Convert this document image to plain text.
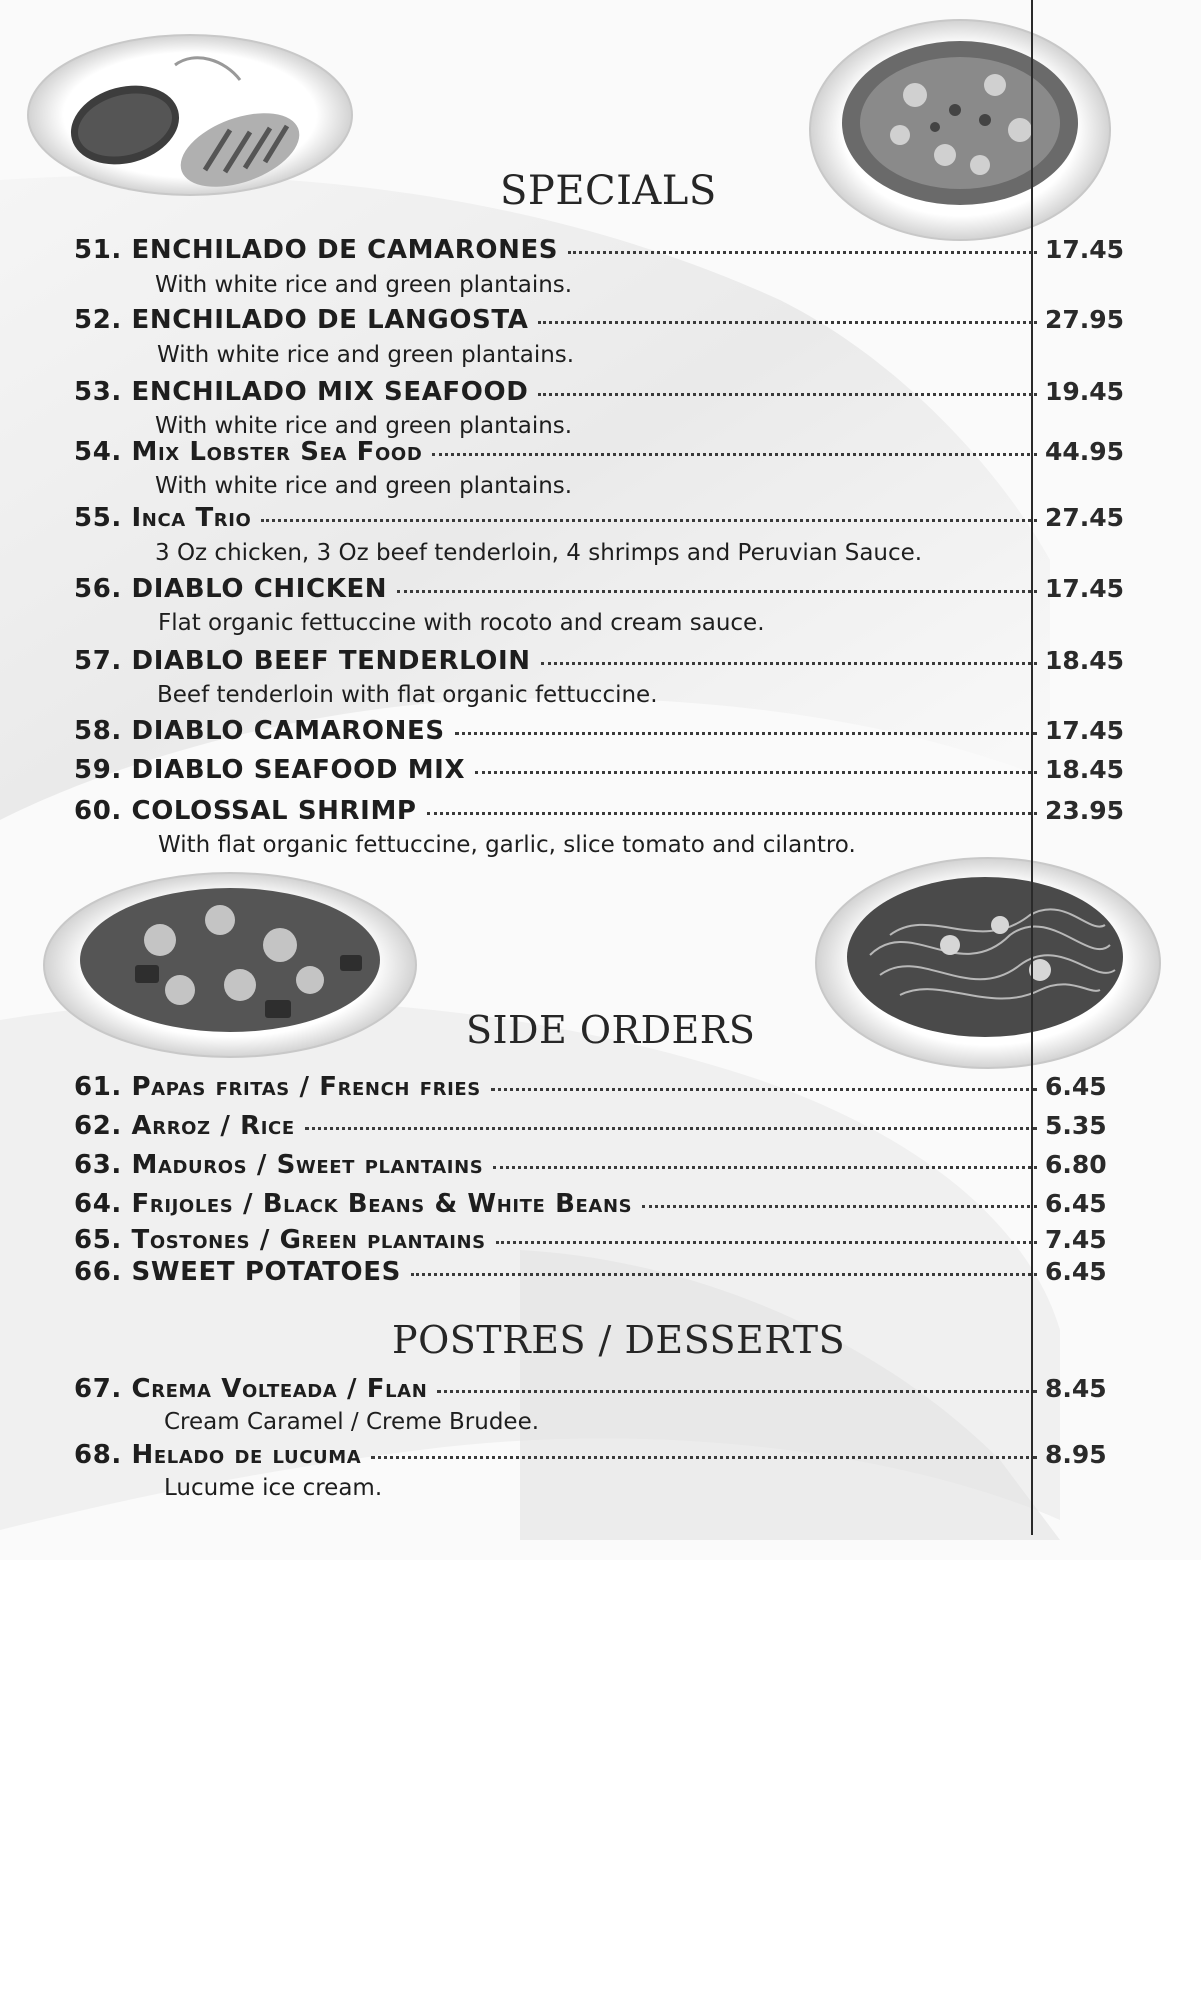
SPECIALS
SIDE ORDERS
POSTRES / DESSERTS
51. ENCHILADO DE CAMARONES	17.45
With white rice and green plantains.
52. ENCHILADO DE LANGOSTA	27.95
With white rice and green plantains.
53. ENCHILADO MIX SEAFOOD	19.45
With white rice and green plantains.
54. Mix Lobster Sea Food	44.95
With white rice and green plantains.
55. Inca Trio	27.45
3 Oz chicken, 3 Oz beef tenderloin, 4 shrimps and Peruvian Sauce.
56. DIABLO CHICKEN	17.45
Flat organic fettuccine with rocoto and cream sauce.
57. DIABLO BEEF TENDERLOIN	18.45
Beef tenderloin with flat organic fettuccine.
58. DIABLO CAMARONES	17.45
59. DIABLO SEAFOOD MIX	18.45
60. COLOSSAL SHRIMP	23.95
With flat organic fettuccine, garlic, slice tomato and cilantro.
61. Papas fritas / French fries	6.45
62. Arroz / Rice	5.35
63. Maduros / Sweet plantains	6.80
64. Frijoles / Black Beans & White Beans	6.45
65. Tostones / Green plantains	7.45
66. SWEET POTATOES	6.45
67. Crema Volteada / Flan	8.45
Cream Caramel / Creme Brudee.
68. Helado de lucuma	8.95
Lucume ice cream.
